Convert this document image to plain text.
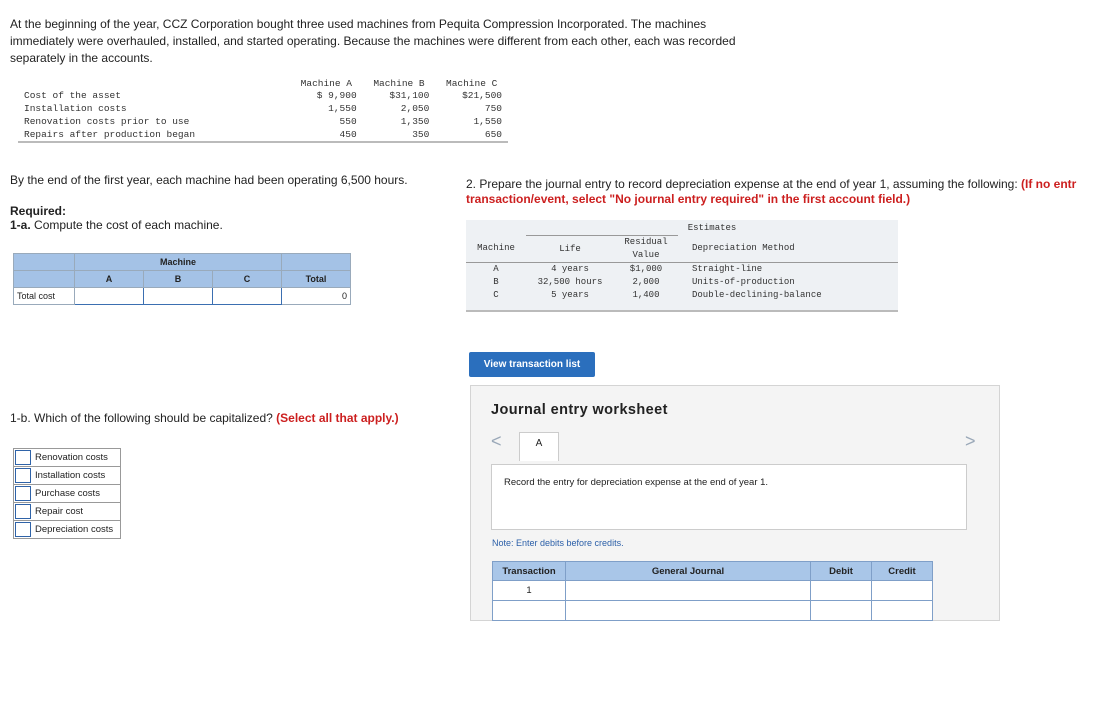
At the beginning of the year, CCZ Corporation bought three used machines from Pequita Compression Incorporated. The machines immediately were overhauled, installed, and started operating. Because the machines were different from each other, each was recorded separately in the accounts.
	Machine A	Machine B	Machine C
Cost of the asset	$ 9,900	$31,100	$21,500
Installation costs	1,550	2,050	750
Renovation costs prior to use	550	1,350	1,550
Repairs after production began	450	350	650

By the end of the first year, each machine had been operating 6,500 hours.
Required:
1-a. Compute the cost of each machine.
	Machine			
	A	B	C	Total
Total cost				0
1-b. Which of the following should be capitalized? (Select all that apply.)
Renovation costs
Installation costs
Purchase costs
Repair cost
Depreciation costs
2. Prepare the journal entry to record depreciation expense at the end of year 1, assuming the following: (If no entr
transaction/event, select "No journal entry required" in the first account field.)
Estimates
Machine	Life	Residual Value	Depreciation Method
A	4 years	$1,000	Straight-line
B	32,500 hours	2,000	Units-of-production
C	5 years	1,400	Double-declining-balance
View transaction list
Journal entry worksheet
<	>
A
Record the entry for depreciation expense at the end of year 1.
Note: Enter debits before credits.
Transaction	General Journal	Debit	Credit
1			
